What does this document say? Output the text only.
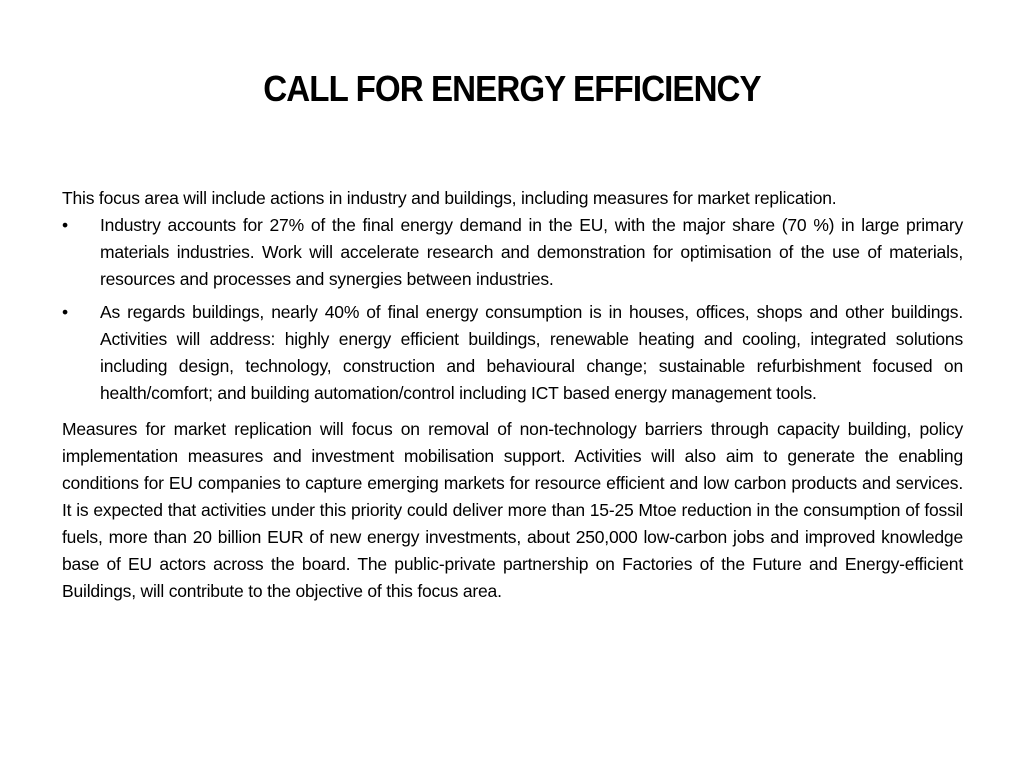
CALL FOR ENERGY EFFICIENCY

This focus area will include actions in industry and buildings, including measures for market replication.

• Industry accounts for 27% of the final energy demand in the EU, with the major share (70 %) in large primary materials industries. Work will accelerate research and demonstration for optimisation of the use of materials, resources and processes and synergies between industries.
• As regards buildings, nearly 40% of final energy consumption is in houses, offices, shops and other buildings. Activities will address: highly energy efficient buildings, renewable heating and cooling, integrated solutions including design, technology, construction and behavioural change; sustainable refurbishment focused on health/comfort; and building automation/control including ICT based energy management tools.

Measures for market replication will focus on removal of non-technology barriers through capacity building, policy implementation measures and investment mobilisation support. Activities will also aim to generate the enabling conditions for EU companies to capture emerging markets for resource efficient and low carbon products and services. It is expected that activities under this priority could deliver more than 15-25 Mtoe reduction in the consumption of fossil fuels, more than 20 billion EUR of new energy investments, about 250,000 low-carbon jobs and improved knowledge base of EU actors across the board. The public-private partnership on Factories of the Future and Energy-efficient Buildings, will contribute to the objective of this focus area.
